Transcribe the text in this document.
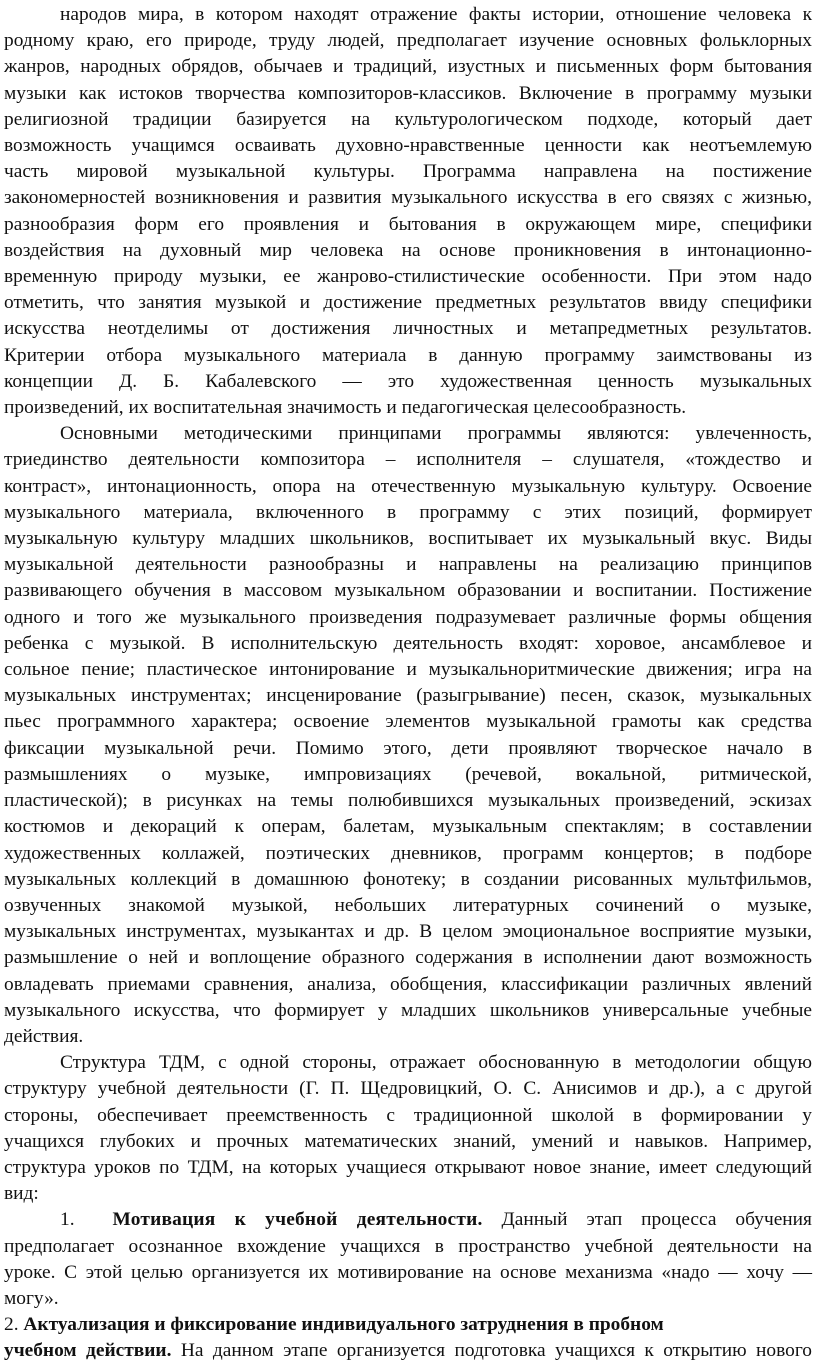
народов мира, в котором находят отражение факты истории, отношение человека к
родному краю, его природе, труду людей, предполагает изучение основных фольклорных
жанров, народных обрядов, обычаев и традиций, изустных и письменных форм бытования
музыки как истоков творчества композиторов-классиков. Включение в программу музыки
религиозной традиции базируется на культурологическом подходе, который дает
возможность учащимся осваивать духовно-нравственные ценности как неотъемлемую
часть мировой музыкальной культуры. Программа направлена на постижение
закономерностей возникновения и развития музыкального искусства в его связях с жизнью,
разнообразия форм его проявления и бытования в окружающем мире, специфики
воздействия на духовный мир человека на основе проникновения в интонационно-
временную природу музыки, ее жанрово-стилистические особенности. При этом надо
отметить, что занятия музыкой и достижение предметных результатов ввиду специфики
искусства неотделимы от достижения личностных и метапредметных результатов.
Критерии отбора музыкального материала в данную программу заимствованы из
концепции Д. Б. Кабалевского — это художественная ценность музыкальных
произведений, их воспитательная значимость и педагогическая целесообразность.
Основными методическими принципами программы являются: увлеченность,
триединство деятельности композитора – исполнителя – слушателя, «тождество и
контраст», интонационность, опора на отечественную музыкальную культуру. Освоение
музыкального материала, включенного в программу с этих позиций, формирует
музыкальную культуру младших школьников, воспитывает их музыкальный вкус. Виды
музыкальной деятельности разнообразны и направлены на реализацию принципов
развивающего обучения в массовом музыкальном образовании и воспитании. Постижение
одного и того же музыкального произведения подразумевает различные формы общения
ребенка с музыкой. В исполнительскую деятельность входят: хоровое, ансамблевое и
сольное пение; пластическое интонирование и музыкальноритмические движения; игра на
музыкальных инструментах; инсценирование (разыгрывание) песен, сказок, музыкальных
пьес программного характера; освоение элементов музыкальной грамоты как средства
фиксации музыкальной речи. Помимо этого, дети проявляют творческое начало в
размышлениях о музыке, импровизациях (речевой, вокальной, ритмической,
пластической); в рисунках на темы полюбившихся музыкальных произведений, эскизах
костюмов и декораций к операм, балетам, музыкальным спектаклям; в составлении
художественных коллажей, поэтических дневников, программ концертов; в подборе
музыкальных коллекций в домашнюю фонотеку; в создании рисованных мультфильмов,
озвученных знакомой музыкой, небольших литературных сочинений о музыке,
музыкальных инструментах, музыкантах и др. В целом эмоциональное восприятие музыки,
размышление о ней и воплощение образного содержания в исполнении дают возможность
овладевать приемами сравнения, анализа, обобщения, классификации различных явлений
музыкального искусства, что формирует у младших школьников универсальные учебные
действия.
Структура ТДМ, с одной стороны, отражает обоснованную в методологии общую
структуру учебной деятельности (Г. П. Щедровицкий, О. С. Анисимов и др.), а с другой
стороны, обеспечивает преемственность с традиционной школой в формировании у
учащихся глубоких и прочных математических знаний, умений и навыков. Например,
структура уроков по ТДМ, на которых учащиеся открывают новое знание, имеет следующий
вид:
1. Мотивация к учебной деятельности. Данный этап процесса обучения
предполагает осознанное вхождение учащихся в пространство учебной деятельности на
уроке. С этой целью организуется их мотивирование на основе механизма «надо — хочу —
могу».
2. Актуализация и фиксирование индивидуального затруднения в пробном
учебном действии. На данном этапе организуется подготовка учащихся к открытию нового
